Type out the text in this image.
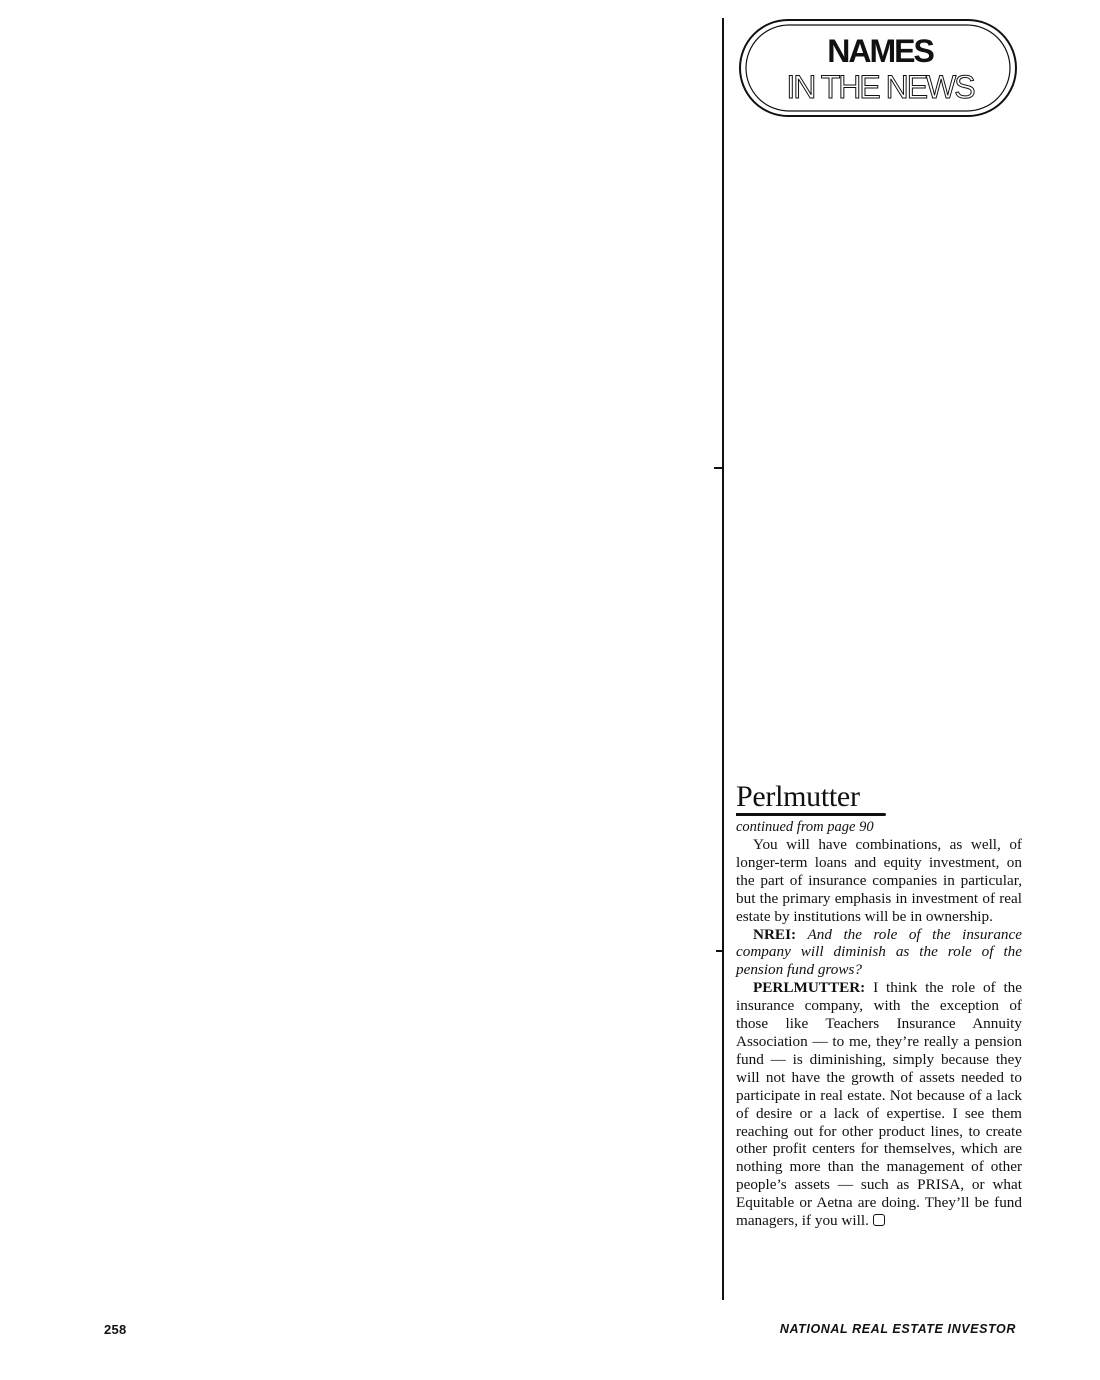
NAMES
IN THE NEWS
Perlmutter
continued from page 90

You will have combinations, as well, of longer-term loans and equity investment, on the part of insurance companies in particular, but the primary emphasis in investment of real estate by institutions will be in ownership.

NREI: And the role of the insurance company will diminish as the role of the pension fund grows?

PERLMUTTER: I think the role of the insurance company, with the exception of those like Teachers Insurance Annuity Association — to me, they’re really a pension fund — is diminishing, simply because they will not have the growth of assets needed to participate in real estate. Not because of a lack of desire or a lack of expertise. I see them reaching out for other product lines, to create other profit centers for themselves, which are nothing more than the management of other people’s assets — such as PRISA, or what Equitable or Aetna are doing. They’ll be fund managers, if you will.

258	NATIONAL REAL ESTATE INVESTOR
